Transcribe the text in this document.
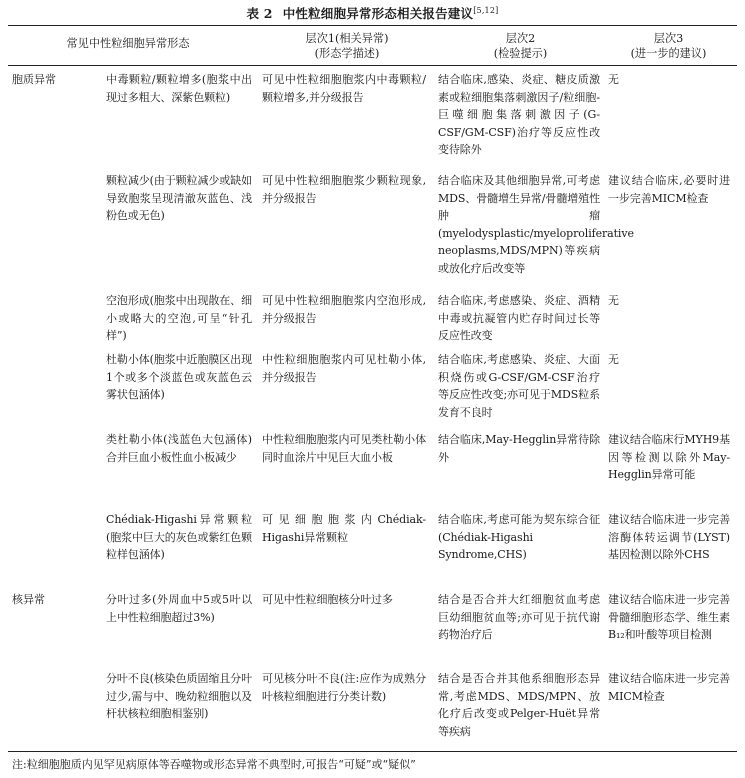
表 2 中性粒细胞异常形态相关报告建议[5,12]
常见中性粒细胞异常形态	层次1(相关异常)
(形态学描述)
层次2
(检验提示)
层次3
(进一步的建议)
胞质异常
核异常
中毒颗粒/颗粒增多(胞浆中出现过多粗大、深紫色颗粒)
可见中性粒细胞胞浆内中毒颗粒/颗粒增多,并分级报告
结合临床,感染、炎症、糖皮质激素或粒细胞集落刺激因子/粒细胞-巨噬细胞集落刺激因子(G-CSF/GM-CSF)治疗等反应性改变待除外
无
颗粒减少(由于颗粒减少或缺如导致胞浆呈现清澈灰蓝色、浅粉色或无色)
可见中性粒细胞胞浆少颗粒现象,并分级报告
结合临床及其他细胞异常,可考虑MDS、骨髓增生异常/骨髓增殖性肿瘤(myelodysplastic/myeloproliferative neoplasms,MDS/MPN)等疾病或放化疗后改变等
建议结合临床,必要时进一步完善MICM检查
空泡形成(胞浆中出现散在、细小或略大的空泡,可呈“针孔样”)
可见中性粒细胞胞浆内空泡形成,并分级报告
结合临床,考虑感染、炎症、酒精中毒或抗凝管内贮存时间过长等反应性改变
无
杜勒小体(胞浆中近胞膜区出现1个或多个淡蓝色或灰蓝色云雾状包涵体)
中性粒细胞胞浆内可见杜勒小体,并分级报告
结合临床,考虑感染、炎症、大面积烧伤或G-CSF/GM-CSF治疗等反应性改变;亦可见于MDS粒系发育不良时
无
类杜勒小体(浅蓝色大包涵体)合并巨血小板性血小板减少
中性粒细胞胞浆内可见类杜勒小体同时血涂片中见巨大血小板
结合临床,May-Hegglin异常待除外
建议结合临床行MYH9基因等检测以除外May-Hegglin异常可能
Chédiak-Higashi异常颗粒(胞浆中巨大的灰色或紫红色颗粒样包涵体)
可见细胞胞浆内Chédiak-Higashi异常颗粒
结合临床,考虑可能为契东综合征(Chédiak-Higashi Syndrome,CHS)
建议结合临床进一步完善溶酶体转运调节(LYST)基因检测以除外CHS
分叶过多(外周血中5或5叶以上中性粒细胞超过3%)
可见中性粒细胞核分叶过多	结合是否合并大红细胞贫血考虑巨幼细胞贫血等;亦可见于抗代谢药物治疗后
建议结合临床进一步完善骨髓细胞形态学、维生素B₁₂和叶酸等项目检测
分叶不良(核染色质固缩且分叶过少,需与中、晚幼粒细胞以及杆状核粒细胞相鉴别)
可见核分叶不良(注:应作为成熟分叶核粒细胞进行分类计数)
结合是否合并其他系细胞形态异常,考虑MDS、MDS/MPN、放化疗后改变或Pelger-Huët异常等疾病
建议结合临床进一步完善MICM检查
注:粒细胞胞质内见罕见病原体等吞噬物或形态异常不典型时,可报告“可疑”或“疑似”
